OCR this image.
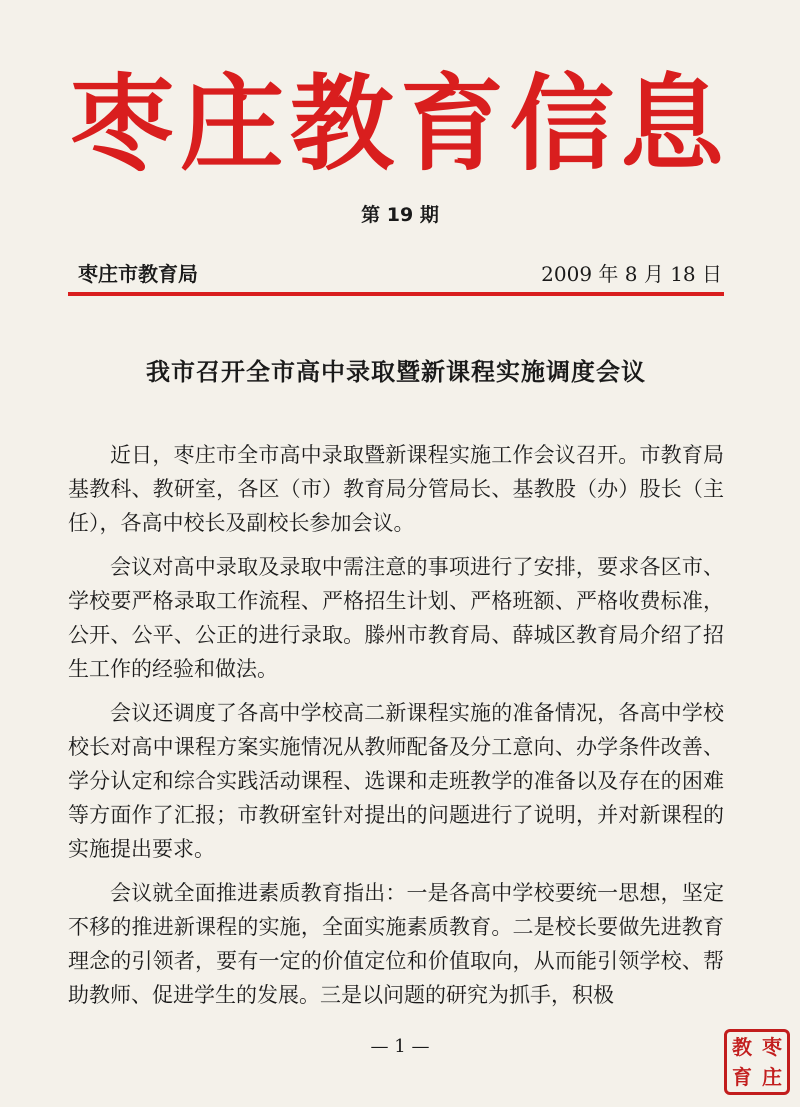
枣庄教育信息
第 19 期
枣庄市教育局	2009 年 8 月 18 日
我市召开全市高中录取暨新课程实施调度会议

近日，枣庄市全市高中录取暨新课程实施工作会议召开。市教育局基教科、教研室，各区（市）教育局分管局长、基教股（办）股长（主任），各高中校长及副校长参加会议。

会议对高中录取及录取中需注意的事项进行了安排，要求各区市、学校要严格录取工作流程、严格招生计划、严格班额、严格收费标准，公开、公平、公正的进行录取。滕州市教育局、薛城区教育局介绍了招生工作的经验和做法。

会议还调度了各高中学校高二新课程实施的准备情况，各高中学校校长对高中课程方案实施情况从教师配备及分工意向、办学条件改善、学分认定和综合实践活动课程、选课和走班教学的准备以及存在的困难等方面作了汇报；市教研室针对提出的问题进行了说明，并对新课程的实施提出要求。

会议就全面推进素质教育指出：一是各高中学校要统一思想，坚定不移的推进新课程的实施，全面实施素质教育。二是校长要做先进教育理念的引领者，要有一定的价值定位和价值取向，从而能引领学校、帮助教师、促进学生的发展。三是以问题的研究为抓手，积极

— 1 —	教 枣
育 庄
